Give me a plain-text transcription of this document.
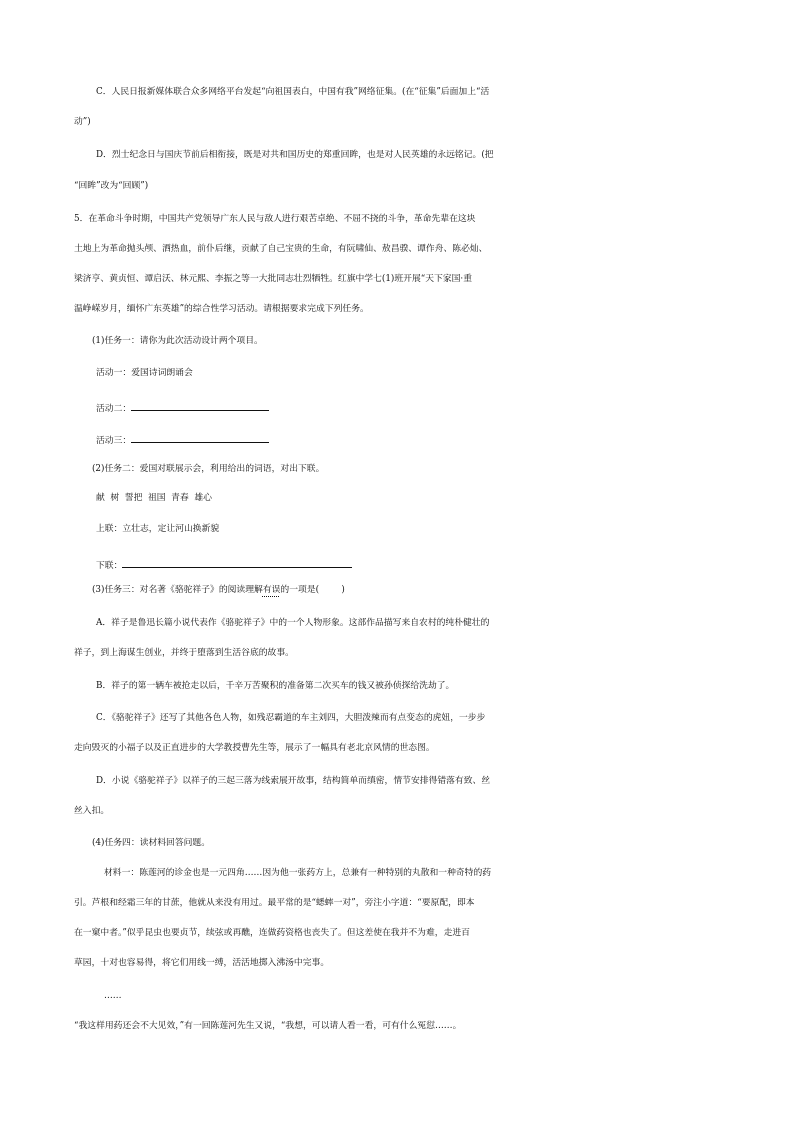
C．人民日报新媒体联合众多网络平台发起“向祖国表白，中国有我”网络征集。(在“征集”后面加上“活
动”)
D．烈士纪念日与国庆节前后相衔接，既是对共和国历史的郑重回眸，也是对人民英雄的永远铭记。(把
“回眸”改为“回顾”)
5．在革命斗争时期，中国共产党领导广东人民与敌人进行艰苦卓绝、不屈不挠的斗争，革命先辈在这块
土地上为革命抛头颅、洒热血，前仆后继，贡献了自己宝贵的生命，有阮啸仙、敖昌骙、谭作舟、陈必灿、
梁济亨、黄贞恒、谭启沃、林元熙、李振之等一大批同志壮烈牺牲。红旗中学七(1)班开展“天下家国·重
温峥嵘岁月，缅怀广东英雄”的综合性学习活动。请根据要求完成下列任务。
(1)任务一：请你为此次活动设计两个项目。
活动一：爱国诗词朗诵会
活动二：
活动三：
(2)任务二：爱国对联展示会，利用给出的词语，对出下联。
献  树  誓把  祖国  青春  雄心
上联：立壮志，定让河山换新貌
下联：
(3)任务三：对名著《骆驼祥子》的阅读理解有误的一项是(        )
A．祥子是鲁迅长篇小说代表作《骆驼祥子》中的一个人物形象。这部作品描写来自农村的纯朴健壮的
祥子，到上海谋生创业，并终于堕落到生活谷底的故事。
B．祥子的第一辆车被抢走以后，千辛万苦聚积的准备第二次买车的钱又被孙侦探给洗劫了。
C．《骆驼祥子》还写了其他各色人物，如残忍霸道的车主刘四，大胆泼辣而有点变态的虎妞，一步步
走向毁灭的小福子以及正直进步的大学教授曹先生等，展示了一幅具有老北京风情的世态图。
D．小说《骆驼祥子》以祥子的三起三落为线索展开故事，结构简单而缜密，情节安排得错落有致、丝
丝入扣。
(4)任务四：读材料回答问题。
材料一：陈莲河的诊金也是一元四角……因为他一张药方上，总兼有一种特别的丸散和一种奇特的药
引。芦根和经霜三年的甘蔗，他就从来没有用过。最平常的是“蟋蟀一对”，旁注小字道：“要原配，即本
在一窠中者。”似乎昆虫也要贞节，续弦或再醮，连做药资格也丧失了。但这差使在我并不为难，走进百
草园，十对也容易得，将它们用线一缚，活活地掷入沸汤中完事。
……
“我这样用药还会不大见效，”有一回陈莲河先生又说，“我想，可以请人看一看，可有什么冤愆……。
